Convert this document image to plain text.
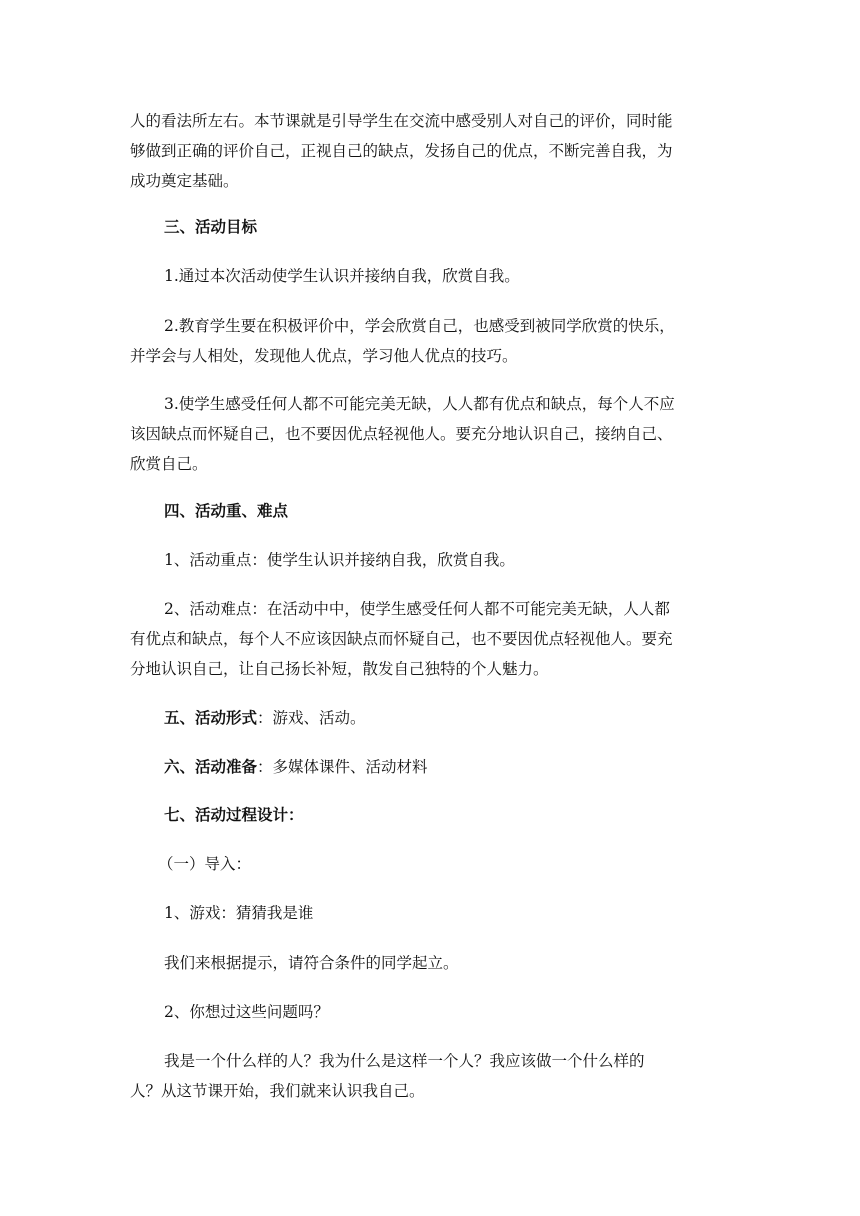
人的看法所左右。本节课就是引导学生在交流中感受别人对自己的评价，同时能
够做到正确的评价自己，正视自己的缺点，发扬自己的优点，不断完善自我，为
成功奠定基础。
三、活动目标
1.通过本次活动使学生认识并接纳自我，欣赏自我。
2.教育学生要在积极评价中，学会欣赏自己，也感受到被同学欣赏的快乐，
并学会与人相处，发现他人优点，学习他人优点的技巧。
3.使学生感受任何人都不可能完美无缺，人人都有优点和缺点，每个人不应
该因缺点而怀疑自己，也不要因优点轻视他人。要充分地认识自己，接纳自己、
欣赏自己。
四、活动重、难点
1、活动重点：使学生认识并接纳自我，欣赏自我。
2、活动难点：在活动中中，使学生感受任何人都不可能完美无缺，人人都
有优点和缺点，每个人不应该因缺点而怀疑自己，也不要因优点轻视他人。要充
分地认识自己，让自己扬长补短，散发自己独特的个人魅力。
五、活动形式：游戏、活动。
六、活动准备：多媒体课件、活动材料
七、活动过程设计：
（一）导入：
1、游戏：猜猜我是谁
我们来根据提示，请符合条件的同学起立。
2、你想过这些问题吗？
我是一个什么样的人？我为什么是这样一个人？我应该做一个什么样的
人？从这节课开始，我们就来认识我自己。
